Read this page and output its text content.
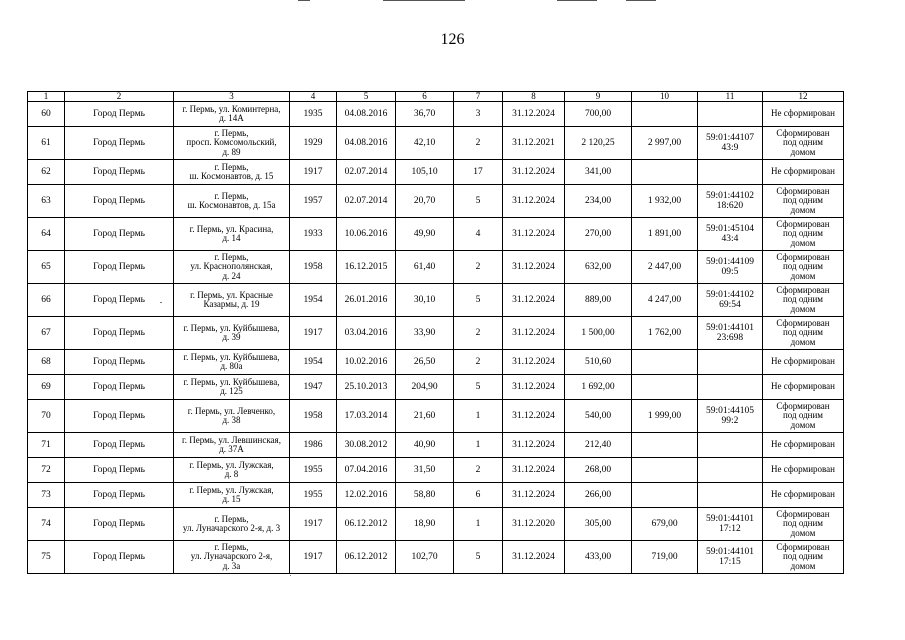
126
1	2	3	4	5	6	7	8	9	10	11	12
60	Город Пермь	г. Пермь, ул. Коминтерна,
д. 14А	1935	04.08.2016	36,70	3	31.12.2024	700,00			Не сформирован
61	Город Пермь	г. Пермь,
просп. Комсомольский,
д. 89	1929	04.08.2016	42,10	2	31.12.2021	2 120,25	2 997,00	59:01:44107
43:9	Сформирован
под одним
домом
62	Город Пермь	г. Пермь,
ш. Космонавтов, д. 15	1917	02.07.2014	105,10	17	31.12.2024	341,00			Не сформирован
63	Город Пермь	г. Пермь,
ш. Космонавтов, д. 15а	1957	02.07.2014	20,70	5	31.12.2024	234,00	1 932,00	59:01:44102
18:620	Сформирован
под одним
домом
64	Город Пермь	г. Пермь, ул. Красина,
д. 14	1933	10.06.2016	49,90	4	31.12.2024	270,00	1 891,00	59:01:45104
43:4	Сформирован
под одним
домом
65	Город Пермь	г. Пермь,
ул. Краснополянская,
д. 24	1958	16.12.2015	61,40	2	31.12.2024	632,00	2 447,00	59:01:44109
09:5	Сформирован
под одним
домом
66	Город Пермь	г. Пермь, ул. Красные
Казармы, д. 19	1954	26.01.2016	30,10	5	31.12.2024	889,00	4 247,00	59:01:44102
69:54	Сформирован
под одним
домом
67	Город Пермь	г. Пермь, ул. Куйбышева,
д. 39	1917	03.04.2016	33,90	2	31.12.2024	1 500,00	1 762,00	59:01:44101
23:698	Сформирован
под одним
домом
68	Город Пермь	г. Пермь, ул. Куйбышева,
д. 80а	1954	10.02.2016	26,50	2	31.12.2024	510,60			Не сформирован
69	Город Пермь	г. Пермь, ул. Куйбышева,
д. 125	1947	25.10.2013	204,90	5	31.12.2024	1 692,00			Не сформирован
70	Город Пермь	г. Пермь, ул. Левченко,
д. 38	1958	17.03.2014	21,60	1	31.12.2024	540,00	1 999,00	59:01:44105
99:2	Сформирован
под одним
домом
71	Город Пермь	г. Пермь, ул. Левшинская,
д. 37А	1986	30.08.2012	40,90	1	31.12.2024	212,40			Не сформирован
72	Город Пермь	г. Пермь, ул. Лужская,
д. 8	1955	07.04.2016	31,50	2	31.12.2024	268,00			Не сформирован
73	Город Пермь	г. Пермь, ул. Лужская,
д. 15	1955	12.02.2016	58,80	6	31.12.2024	266,00			Не сформирован
74	Город Пермь	г. Пермь,
ул. Луначарского 2-я, д. 3	1917	06.12.2012	18,90	1	31.12.2020	305,00	679,00	59:01:44101
17:12	Сформирован
под одним
домом
75	Город Пермь	г. Пермь,
ул. Луначарского 2-я,
д. 3а	1917	06.12.2012	102,70	5	31.12.2024	433,00	719,00	59:01:44101
17:15	Сформирован
под одним
домом
